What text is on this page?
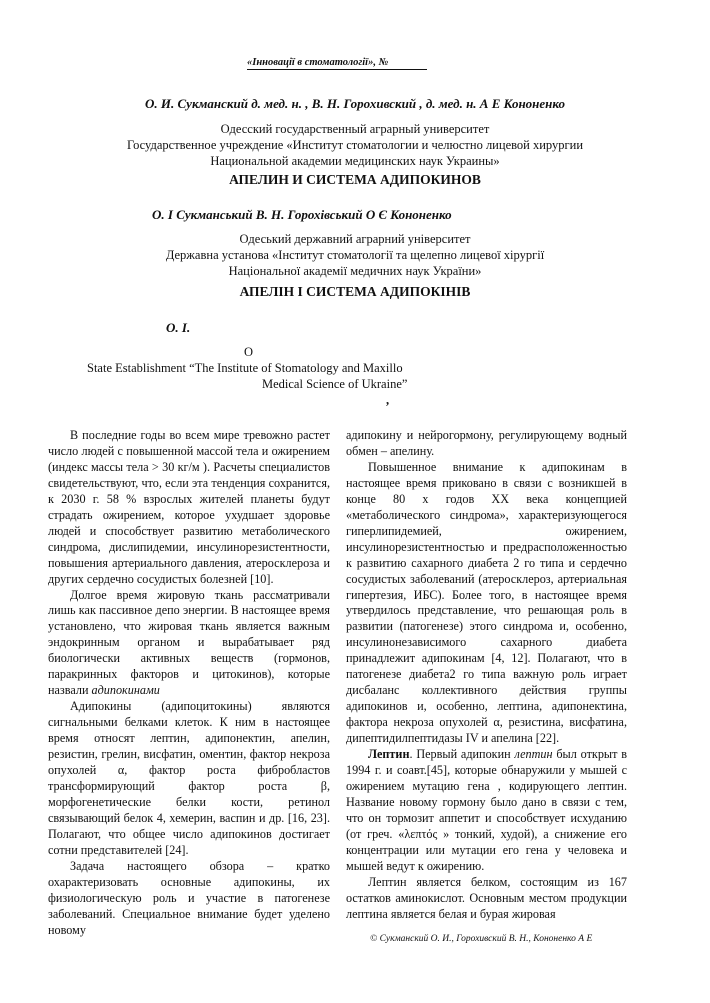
«Інновації в стоматології», №
О. И. Сукманский д. мед. н. , В. Н. Горохивский , д. мед. н. А Е Кононенко
Одесский государственный аграрный университет
Государственное учреждение «Институт стоматологии и челюстно лицевой хирургии
Национальной академии медицинских наук Украины»
АПЕЛИН И СИСТЕМА АДИПОКИНОВ
О. І Сукманський В. Н. Горохівський О Є Кононенко
Одеський державний аграрний університет
Державна установа «Інститут стоматології та щелепно лицевої хірургії
Національної академії медичних наук України»
АПЕЛІН І СИСТЕМА АДИПОКІНІВ
O. I.
O
State Establishment “The Institute of Stomatology and Maxillo
Medical Science of Ukraine”
,

В последние годы во всем мире тревожно растет число людей с повышенной массой тела и ожирением (индекс массы тела > 30 кг/м ). Расчеты специалистов свидетельствуют, что, если эта тенденция сохранится, к 2030 г. 58 % взрослых жителей планеты будут страдать ожирением, которое ухудшает здоровье людей и способствует развитию метаболического синдрома, дислипидемии, инсулинорезистентности, повышения артериального давления, атеросклероза и других сердечно сосудистых болезней [10].

Долгое время жировую ткань рассматривали лишь как пассивное депо энергии. В настоящее время установлено, что жировая ткань является важным эндокринным органом и вырабатывает ряд биологически активных веществ (гормонов, паракринных факторов и цитокинов), которые назвали адипокинами

Адипокины (адипоцитокины) являются сигнальными белками клеток. К ним в настоящее время относят лептин, адипонектин, апелин, резистин, грелин, висфатин, оментин, фактор некроза опухолей α, фактор роста фибробластов трансформирующий фактор роста β, морфогенетические белки кости, ретинол связывающий белок 4, хемерин, васпин и др. [16, 23]. Полагают, что общее число адипокинов достигает сотни представителей [24].

Задача настоящего обзора – кратко охарактеризовать основные адипокины, их физиологическую роль и участие в патогенезе заболеваний. Специальное внимание будет уделено новому

адипокину и нейрогормону, регулирующему водный обмен – апелину.

Повышенное внимание к адипокинам в настоящее время приковано в связи с возникшей в конце 80 х годов XX века концепцией «метаболического синдрома», характеризующегося гиперлипидемией, ожирением, инсулинорезистентностью и предрасположенностью к развитию сахарного диабета 2 го типа и сердечно сосудистых заболеваний (атеросклероз, артериальная гипертезия, ИБС). Более того, в настоящее время утвердилось представление, что решающая роль в развитии (патогенезе) этого синдрома и, особенно, инсулинонезависимого сахарного диабета принадлежит адипокинам [4, 12]. Полагают, что в патогенезе диабета2 го типа важную роль играет дисбаланс коллективного действия группы адипокинов и, особенно, лептина, адипонектина, фактора некроза опухолей α, резистина, висфатина, дипептидилпептидазы IV и апелина [22].

Лептин. Первый адипокин лептин был открыт в 1994 г. и соавт.[45], которые обнаружили у мышей с ожирением мутацию гена , кодирующего лептин. Название новому гормону было дано в связи с тем, что он тормозит аппетит и способствует исхуданию (от греч. «λεπτός » тонкий, худой), а снижение его концентрации или мутации его гена у человека и мышей ведут к ожирению.

Лептин является белком, состоящим из 167 остатков аминокислот. Основным местом продукции лептина является белая и бурая жировая

© Сукманский О. И., Горохивский В. Н., Кононенко А Е
